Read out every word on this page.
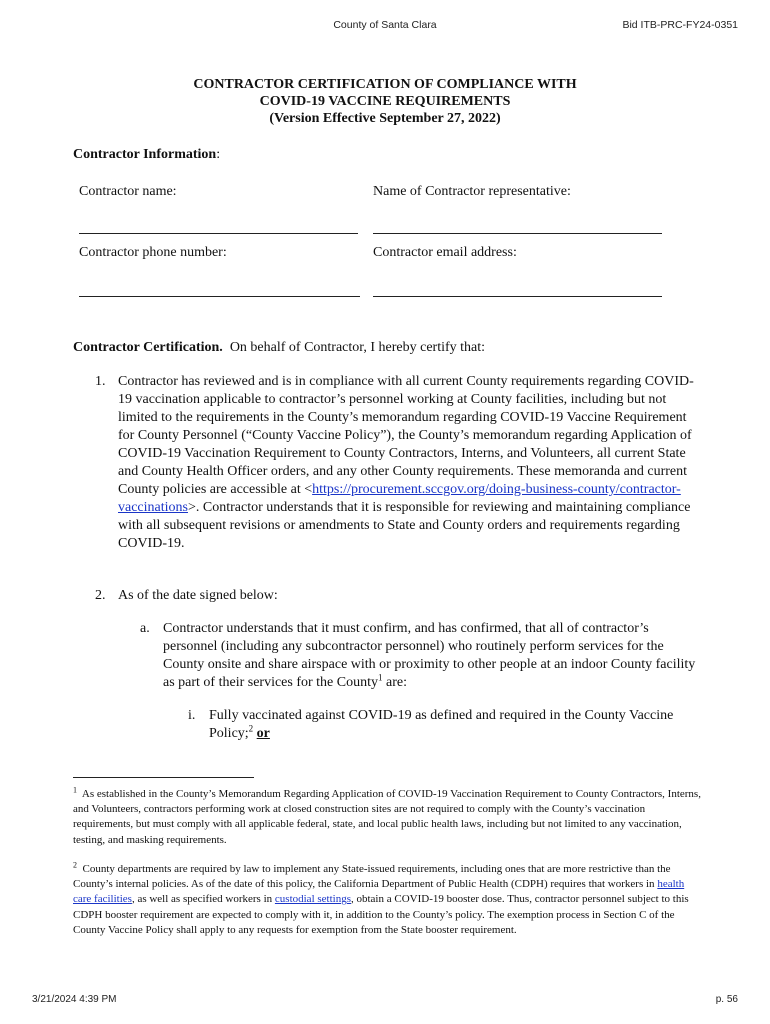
County of Santa Clara	Bid ITB-PRC-FY24-0351
CONTRACTOR CERTIFICATION OF COMPLIANCE WITH
COVID-19 VACCINE REQUIREMENTS
(Version Effective September 27, 2022)
Contractor Information:
Contractor name:	Name of Contractor representative:
Contractor phone number:	Contractor email address:
Contractor Certification. On behalf of Contractor, I hereby certify that:
1. Contractor has reviewed and is in compliance with all current County requirements regarding COVID-19 vaccination applicable to contractor’s personnel working at County facilities, including but not limited to the requirements in the County’s memorandum regarding COVID-19 Vaccine Requirement for County Personnel (“County Vaccine Policy”), the County’s memorandum regarding Application of COVID-19 Vaccination Requirement to County Contractors, Interns, and Volunteers, all current State and County Health Officer orders, and any other County requirements. These memoranda and current County policies are accessible at <https://procurement.sccgov.org/doing-business-county/contractor-vaccinations>. Contractor understands that it is responsible for reviewing and maintaining compliance with all subsequent revisions or amendments to State and County orders and requirements regarding COVID-19.
2. As of the date signed below:
a. Contractor understands that it must confirm, and has confirmed, that all of contractor’s personnel (including any subcontractor personnel) who routinely perform services for the County onsite and share airspace with or proximity to other people at an indoor County facility as part of their services for the County$^1$ are:
i. Fully vaccinated against COVID-19 as defined and required in the County Vaccine Policy;$^2$ or
$^1$ As established in the County’s Memorandum Regarding Application of COVID-19 Vaccination Requirement to County Contractors, Interns, and Volunteers, contractors performing work at closed construction sites are not required to comply with the County’s vaccination requirements, but must comply with all applicable federal, state, and local public health laws, including but not limited to any vaccination, testing, and masking requirements.
$^2$ County departments are required by law to implement any State-issued requirements, including ones that are more restrictive than the County’s internal policies. As of the date of this policy, the California Department of Public Health (CDPH) requires that workers in health care facilities, as well as specified workers in custodial settings, obtain a COVID-19 booster dose. Thus, contractor personnel subject to this CDPH booster requirement are expected to comply with it, in addition to the County’s policy. The exemption process in Section C of the County Vaccine Policy shall apply to any requests for exemption from the State booster requirement.
3/21/2024 4:39 PM	p. 56
